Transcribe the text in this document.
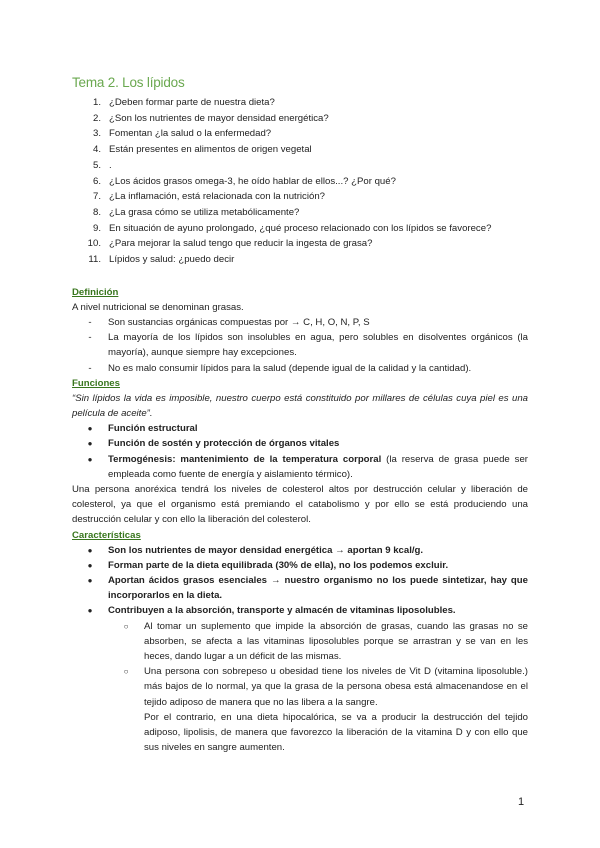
Tema 2. Los lípidos
1. ¿Deben formar parte de nuestra dieta?
2. ¿Son los nutrientes de mayor densidad energética?
3. Fomentan ¿la salud o la enfermedad?
4. Están presentes en alimentos de origen vegetal
5. .
6. ¿Los ácidos grasos omega-3, he oído hablar de ellos...? ¿Por qué?
7. ¿La inflamación, está relacionada con la nutrición?
8. ¿La grasa cómo se utiliza metabólicamente?
9. En situación de ayuno prolongado, ¿qué proceso relacionado con los lípidos se favorece?
10. ¿Para mejorar la salud tengo que reducir la ingesta de grasa?
11. Lípidos y salud: ¿puedo decir
Definición

A nivel nutricional se denominan grasas.

-	Son sustancias orgánicas compuestas por → C, H, O, N, P, S
-	La mayoría de los lípidos son insolubles en agua, pero solubles en disolventes orgánicos (la mayoría), aunque siempre hay excepciones.
-	No es malo consumir lípidos para la salud (depende igual de la calidad y la cantidad).
Funciones

“Sin lípidos la vida es imposible, nuestro cuerpo está constituido por millares de células cuya piel es una película de aceite”.

●	Función estructural
●	Función de sostén y protección de órganos vitales
●	Termogénesis: mantenimiento de la temperatura corporal (la reserva de grasa puede ser empleada como fuente de energía y aislamiento térmico).

Una persona anoréxica tendrá los niveles de colesterol altos por destrucción celular y liberación de colesterol, ya que el organismo está premiando el catabolismo y por ello se está produciendo una destrucción celular y con ello la liberación del colesterol.

Características
●	Son los nutrientes de mayor densidad energética → aportan 9 kcal/g.
●	Forman parte de la dieta equilibrada (30% de ella), no los podemos excluir.
●	Aportan ácidos grasos esenciales → nuestro organismo no los puede sintetizar, hay que incorporarlos en la dieta.
●	Contribuyen a la absorción, transporte y almacén de vitaminas liposolubles.
○	Al tomar un suplemento que impide la absorción de grasas, cuando las grasas no se absorben, se afecta a las vitaminas liposolubles porque se arrastran y se van en les heces, dando lugar a un déficit de las mismas.
○	Una persona con sobrepeso u obesidad tiene los niveles de Vit D (vitamina liposoluble.) más bajos de lo normal, ya que la grasa de la persona obesa está almacenandose en el tejido adiposo de manera que no las libera a la sangre.

Por el contrario, en una dieta hipocalórica, se va a producir la destrucción del tejido adiposo, lipolisis, de manera que favorezco la liberación de la vitamina D y con ello que sus niveles en sangre aumenten.

1
